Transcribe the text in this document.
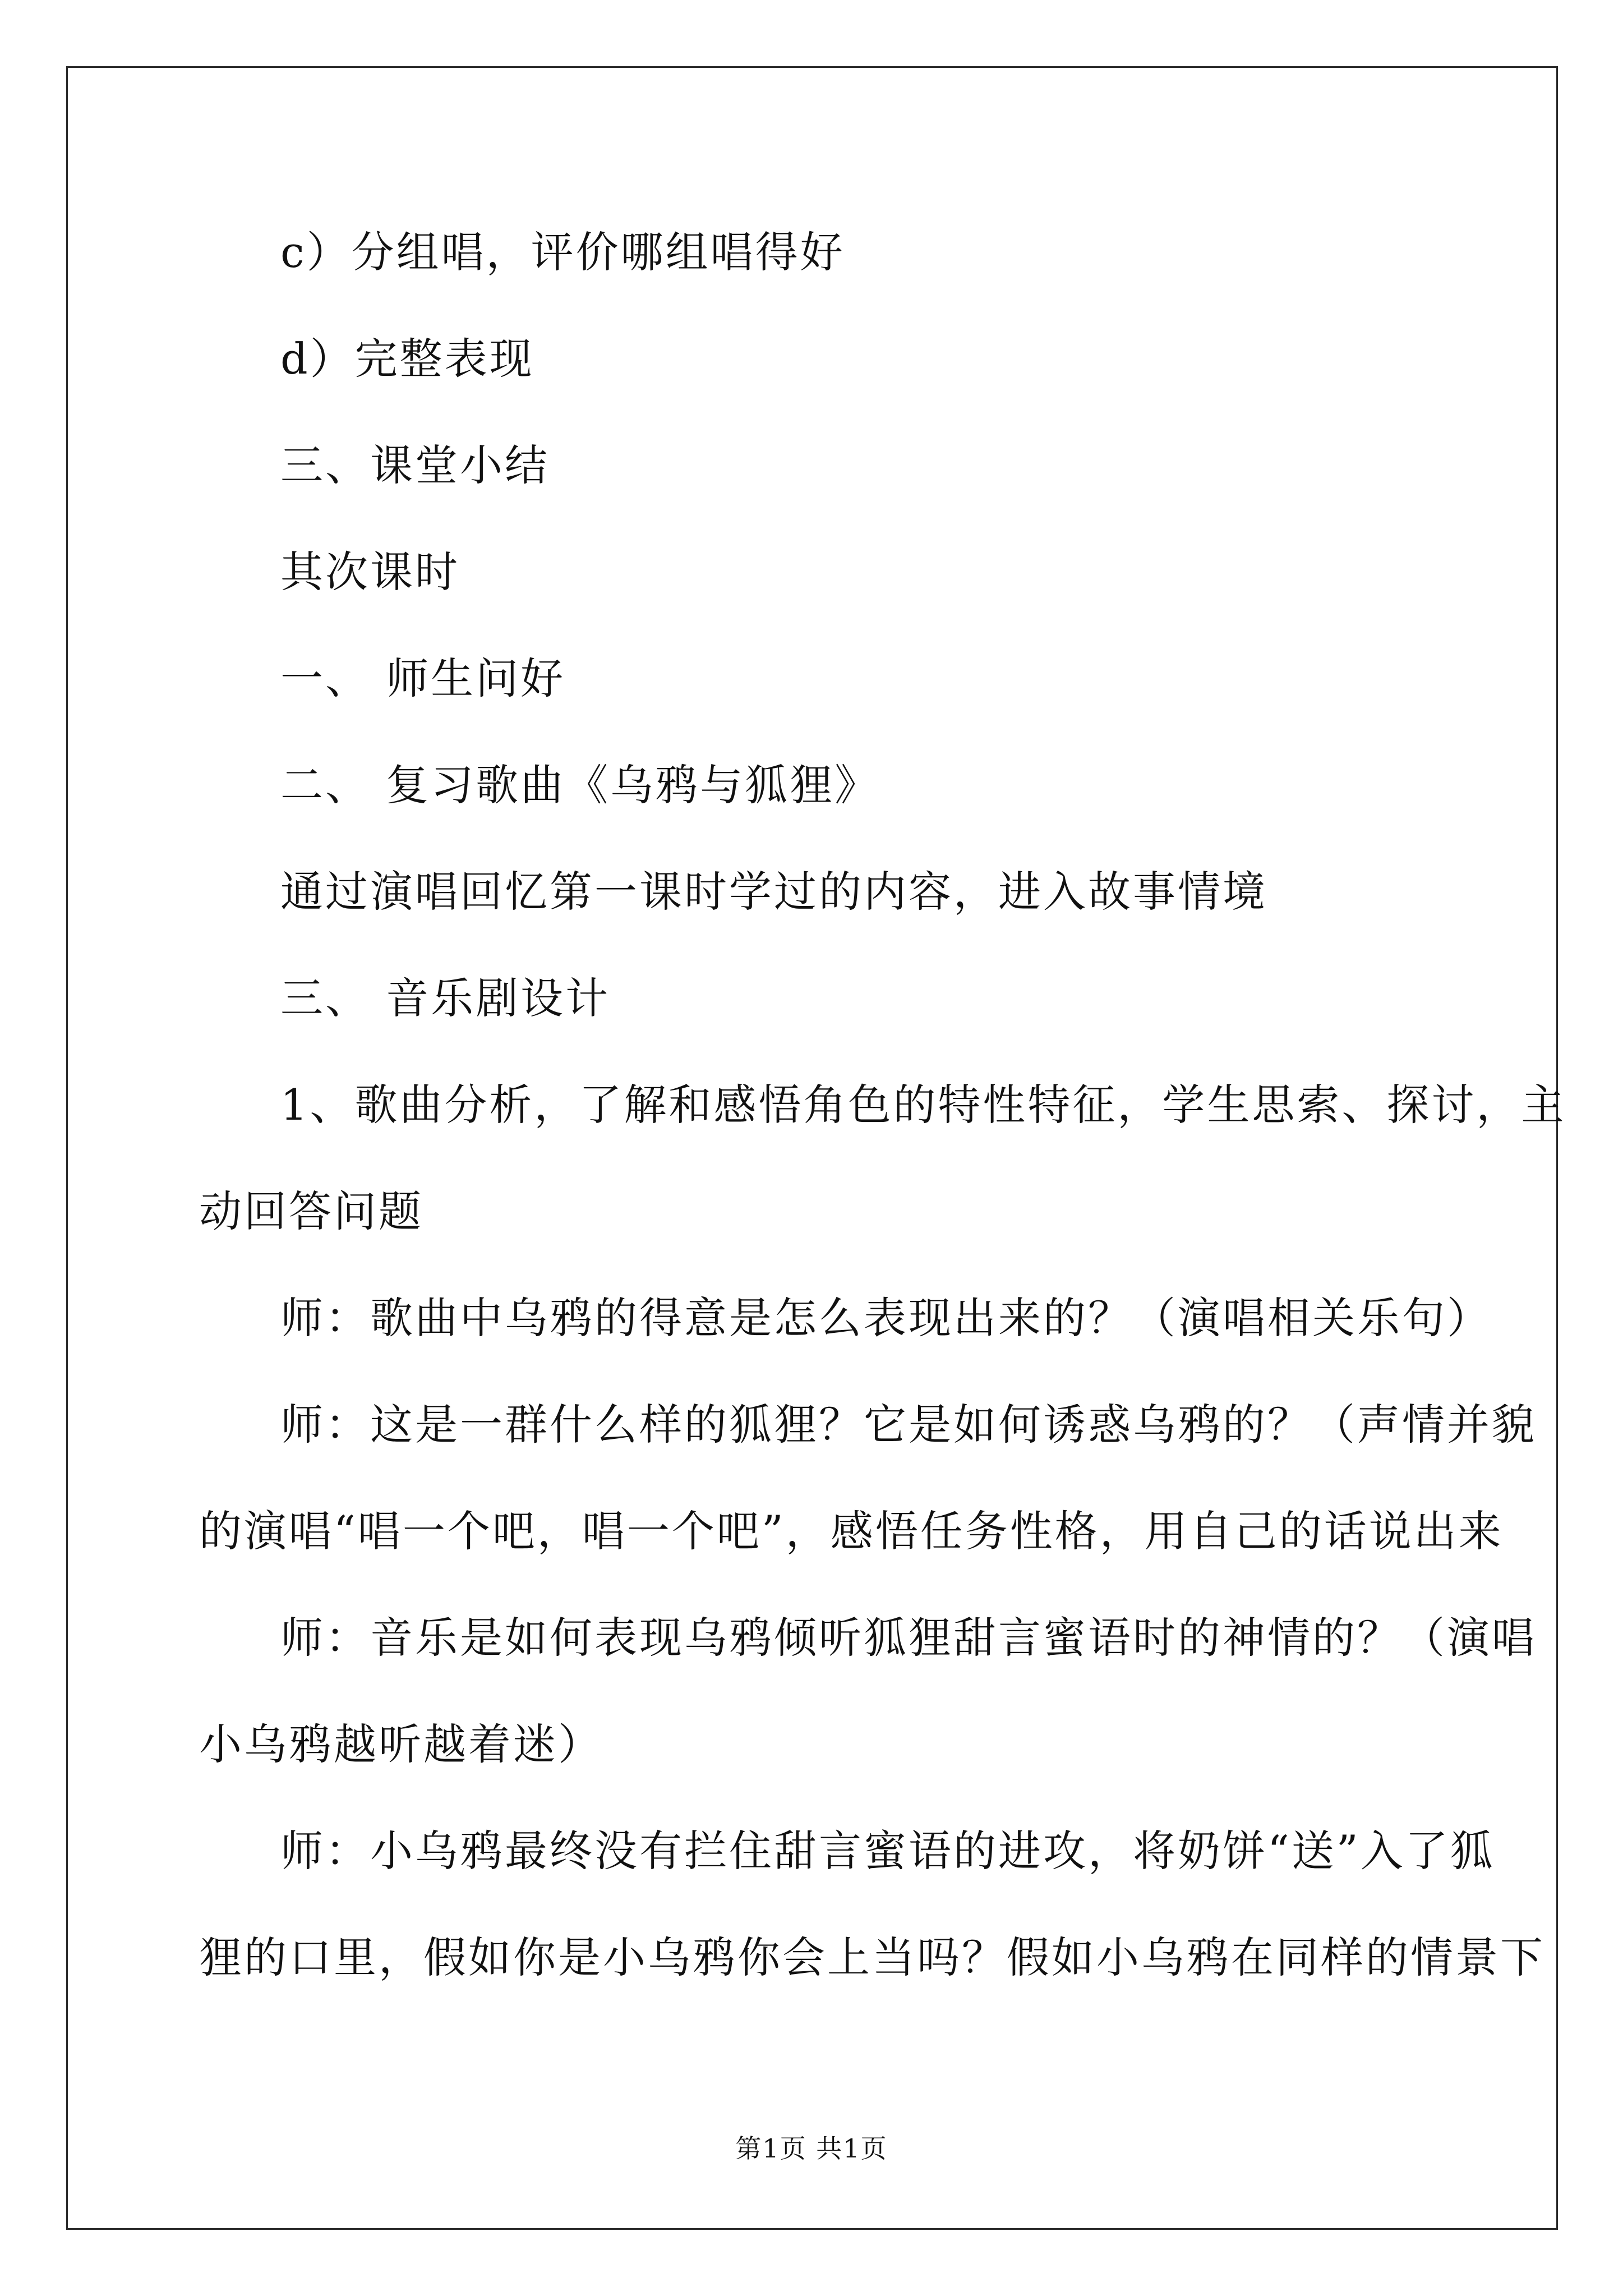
c）分组唱，评价哪组唱得好
d）完整表现
三、课堂小结
其次课时
一、 师生问好
二、 复习歌曲《乌鸦与狐狸》
通过演唱回忆第一课时学过的内容，进入故事情境
三、 音乐剧设计
1、歌曲分析，了解和感悟角色的特性特征，学生思索、探讨，主
动回答问题
师：歌曲中乌鸦的得意是怎么表现出来的？（演唱相关乐句）
师：这是一群什么样的狐狸？它是如何诱惑乌鸦的？（声情并貌
的演唱“唱一个吧，唱一个吧”，感悟任务性格，用自己的话说出来
师：音乐是如何表现乌鸦倾听狐狸甜言蜜语时的神情的？（演唱
小乌鸦越听越着迷）
师：小乌鸦最终没有拦住甜言蜜语的进攻，将奶饼“送”入了狐
狸的口里，假如你是小乌鸦你会上当吗？假如小乌鸦在同样的情景下
第1页 共1页
